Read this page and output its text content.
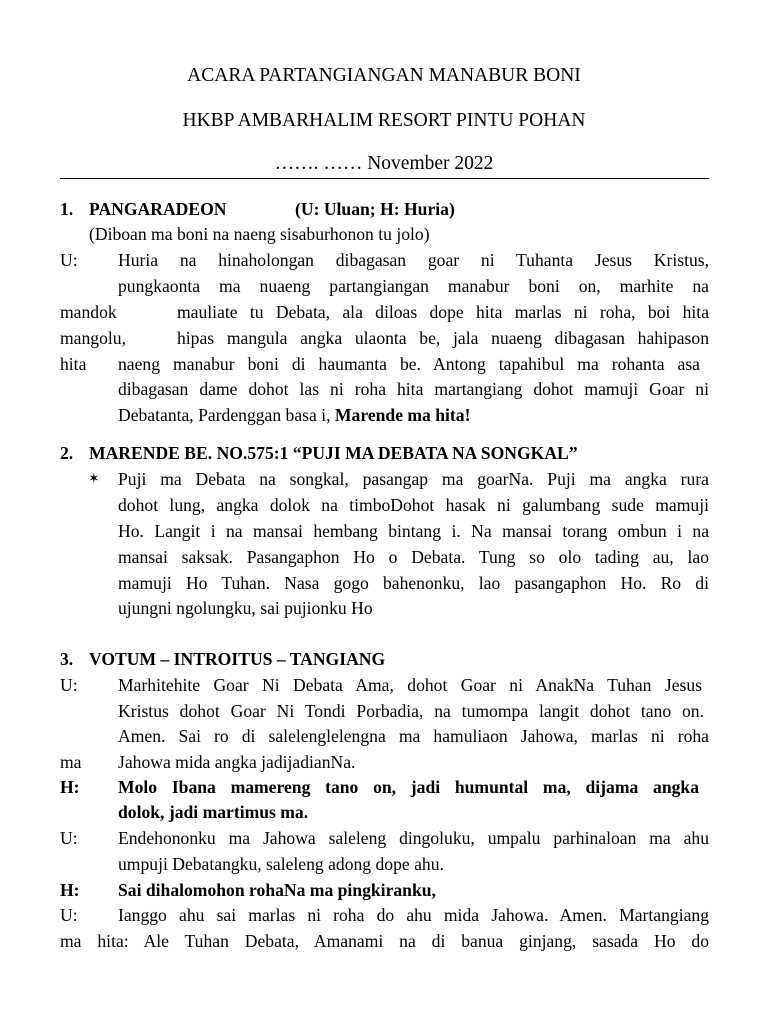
ACARA PARTANGIANGAN MANABUR BONI
HKBP AMBARHALIM RESORT PINTU POHAN
……. …… November 2022
1. PANGARADEON	(U: Uluan; H: Huria)
(Diboan ma boni na naeng sisaburhonon tu jolo)
U: Huria na hinaholongan dibagasan goar ni Tuhanta Jesus Kristus,
pungkaonta ma nuaeng partangiangan manabur boni on, marhite na
mandok	mauliate tu Debata, ala diloas dope hita marlas ni roha, boi hita
mangolu,	hipas mangula angka ulaonta be, jala nuaeng dibagasan hahipason
hita naeng manabur boni di haumanta be. Antong tapahibul ma rohanta asa
dibagasan dame dohot las ni roha hita martangiang dohot mamuji Goar ni
Debatanta, Pardenggan basa i, Marende ma hita!
2. MARENDE BE. NO.575:1 “PUJI MA DEBATA NA SONGKAL”
✶ Puji ma Debata na songkal, pasangap ma goarNa. Puji ma angka rura
dohot lung, angka dolok na timboDohot hasak ni galumbang sude mamuji
Ho. Langit i na mansai hembang bintang i. Na mansai torang ombun i na
mansai saksak. Pasangaphon Ho o Debata. Tung so olo tading au, lao
mamuji Ho Tuhan. Nasa gogo bahenonku, lao pasangaphon Ho. Ro di
ujungni ngolungku, sai pujionku Ho
3. VOTUM – INTROITUS – TANGIANG
U: Marhitehite Goar Ni Debata Ama, dohot Goar ni AnakNa Tuhan Jesus
Kristus dohot Goar Ni Tondi Porbadia, na tumompa langit dohot tano on.
Amen. Sai ro di salelenglelengna ma hamuliaon Jahowa, marlas ni roha
ma Jahowa mida angka jadijadianNa.
H: Molo Ibana mamereng tano on, jadi humuntal ma, dijama angka
dolok, jadi martimus ma.
U: Endehononku ma Jahowa saleleng dingoluku, umpalu parhinaloan ma ahu
umpuji Debatangku, saleleng adong dope ahu.
H: Sai dihalomohon rohaNa ma pingkiranku,
U: Ianggo ahu sai marlas ni roha do ahu mida Jahowa. Amen. Martangiang
ma hita: Ale Tuhan Debata, Amanami na di banua ginjang, sasada Ho do
